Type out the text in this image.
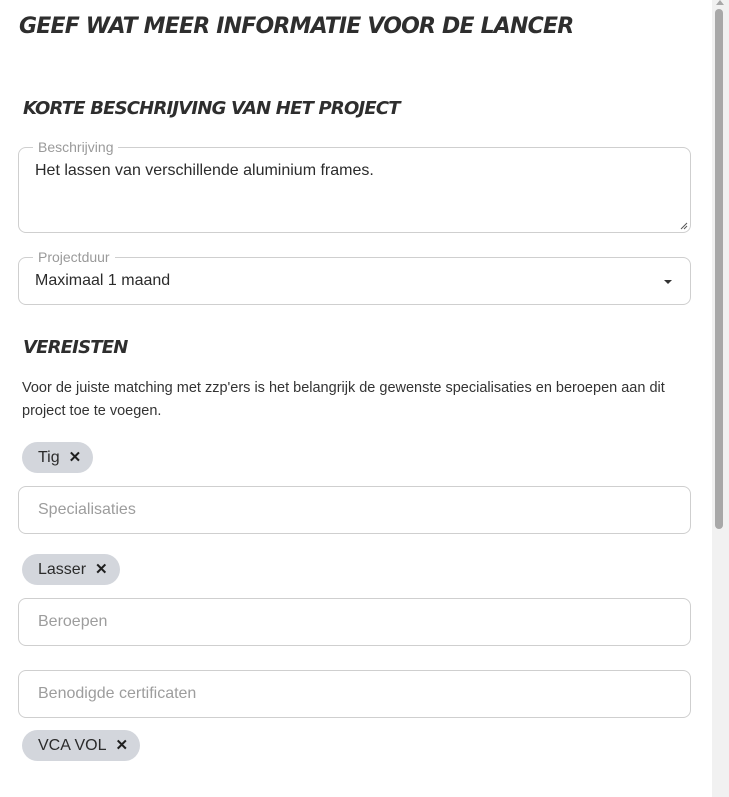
GEEF WAT MEER INFORMATIE VOOR DE LANCER
KORTE BESCHRIJVING VAN HET PROJECT
Beschrijving
Het lassen van verschillende aluminium frames.
Projectduur
Maximaal 1 maand
VEREISTEN

Voor de juiste matching met zzp'ers is het belangrijk de gewenste specialisaties en beroepen aan dit project toe te voegen.

Tig ✕
Specialisaties
Lasser ✕
Beroepen
Benodigde certificaten
VCA VOL ✕
